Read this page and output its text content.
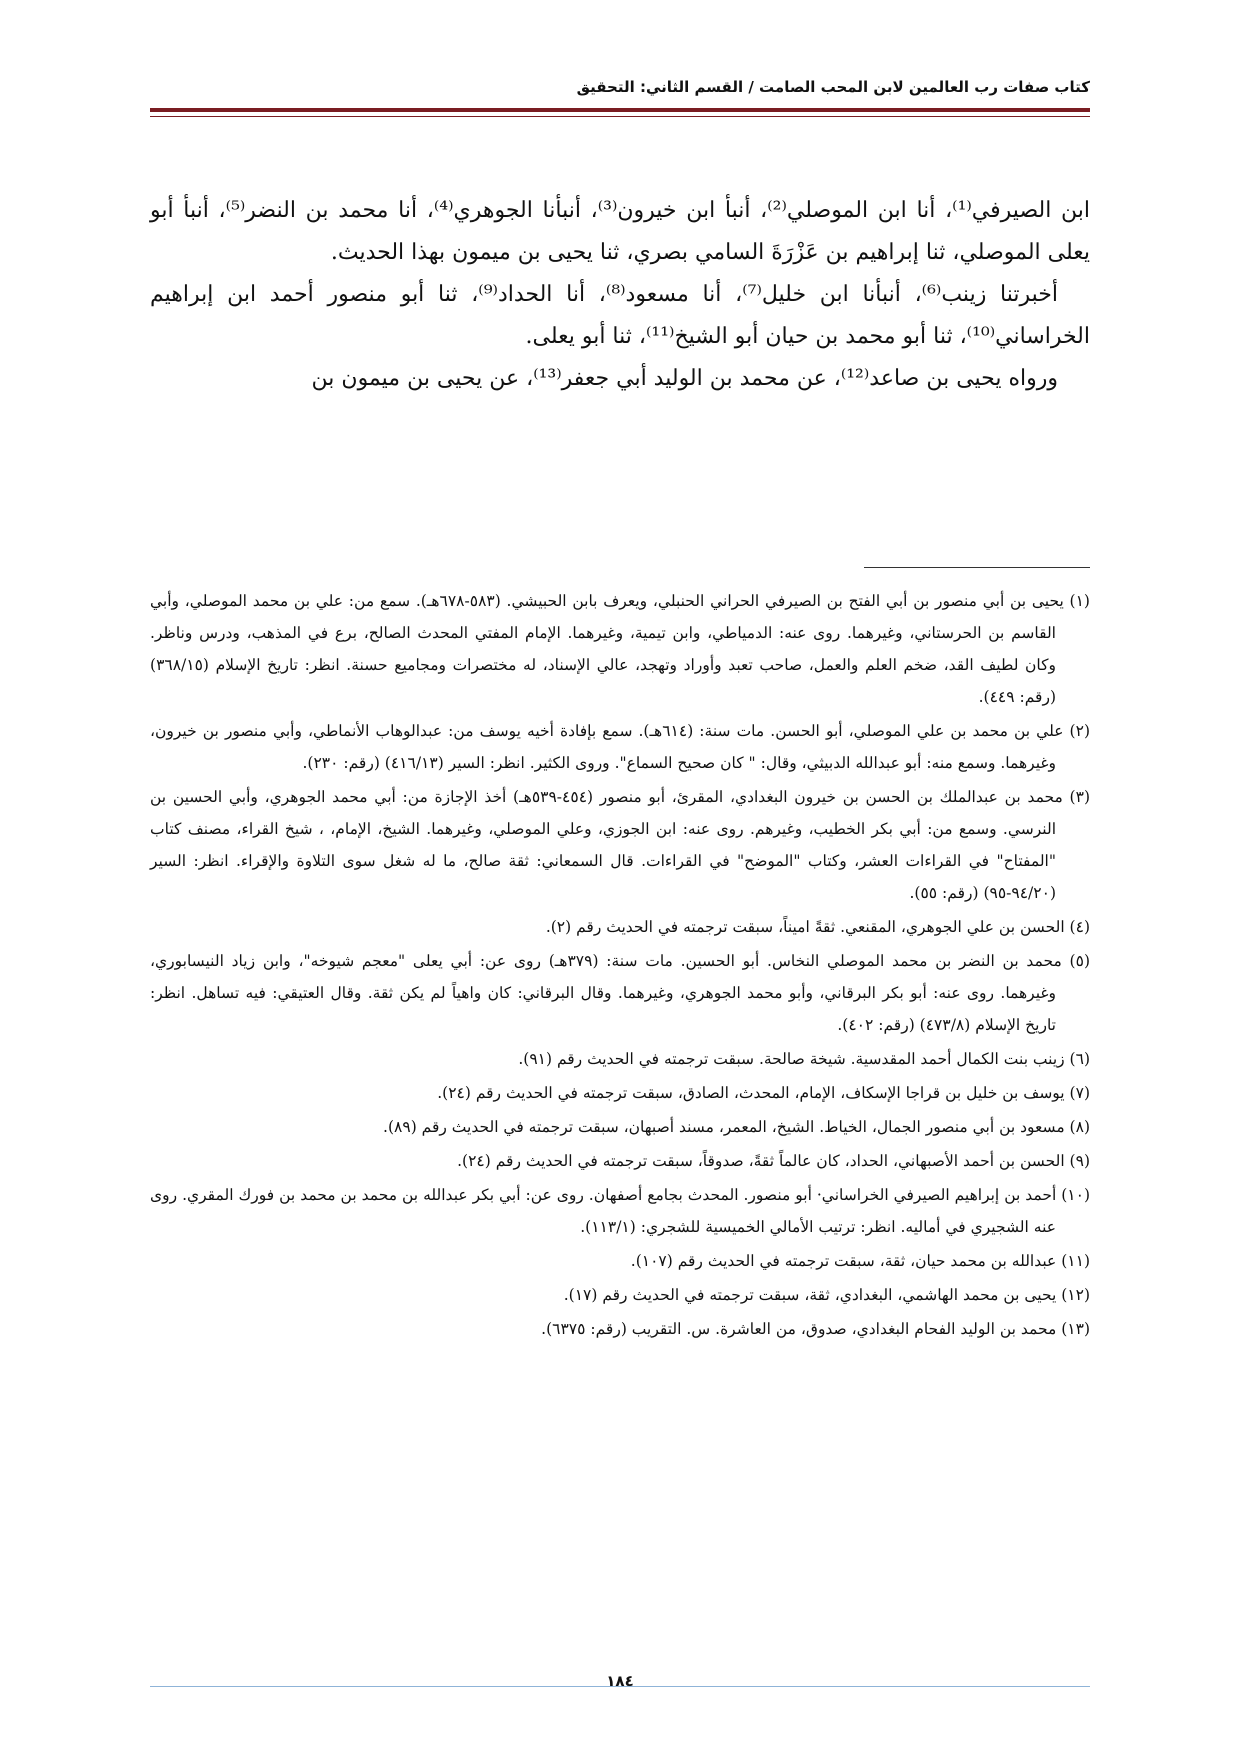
كتاب صفات رب العالمين لابن المحب الصامت / القسم الثاني: التحقيق

ابن الصيرفي⁽¹⁾، أنا ابن الموصلي⁽²⁾، أنبأ ابن خيرون⁽³⁾، أنبأنا الجوهري⁽⁴⁾، أنا محمد بن النضر⁽⁵⁾، أنبأ أبو يعلى الموصلي، ثنا إبراهيم بن عَزْرَةَ السامي بصري، ثنا يحيى بن ميمون بهذا الحديث.

أخبرتنا زينب⁽⁶⁾، أنبأنا ابن خليل⁽⁷⁾، أنا مسعود⁽⁸⁾، أنا الحداد⁽⁹⁾، ثنا أبو منصور أحمد ابن إبراهيم الخراساني⁽¹⁰⁾، ثنا أبو محمد بن حيان أبو الشيخ⁽¹¹⁾، ثنا أبو يعلى.

ورواه يحيى بن صاعد⁽¹²⁾، عن محمد بن الوليد أبي جعفر⁽¹³⁾، عن يحيى بن ميمون بن

(١) يحيى بن أبي منصور بن أبي الفتح بن الصيرفي الحراني الحنبلي، ويعرف بابن الحبيشي. (٥٨٣-٦٧٨هـ). سمع من: علي بن محمد الموصلي، وأبي القاسم بن الحرستاني، وغيرهما. روى عنه: الدمياطي، وابن تيمية، وغيرهما. الإمام المفتي المحدث الصالح، برع في المذهب، ودرس وناظر. وكان لطيف القد، ضخم العلم والعمل، صاحب تعبد وأوراد وتهجد، عالي الإسناد، له مختصرات ومجاميع حسنة. انظر: تاريخ الإسلام (٣٦٨/١٥) (رقم: ٤٤٩).

(٢) علي بن محمد بن علي الموصلي، أبو الحسن. مات سنة: (٦١٤هـ). سمع بإفادة أخيه يوسف من: عبدالوهاب الأنماطي، وأبي منصور بن خيرون، وغيرهما. وسمع منه: أبو عبدالله الدبيثي، وقال: " كان صحيح السماع". وروى الكثير. انظر: السير (٤١٦/١٣) (رقم: ٢٣٠).

(٣) محمد بن عبدالملك بن الحسن بن خيرون البغدادي، المقرئ، أبو منصور (٤٥٤-٥٣٩هـ) أخذ الإجازة من: أبي محمد الجوهري، وأبي الحسين بن النرسي. وسمع من: أبي بكر الخطيب، وغيرهم. روى عنه: ابن الجوزي، وعلي الموصلي، وغيرهما. الشيخ، الإمام، ، شيخ القراء، مصنف كتاب "المفتاح" في القراءات العشر، وكتاب "الموضح" في القراءات. قال السمعاني: ثقة صالح، ما له شغل سوى التلاوة والإقراء. انظر: السير (٩٤/٢٠-٩٥) (رقم: ٥٥).

(٤) الحسن بن علي الجوهري، المقنعي. ثقةً اميناً، سبقت ترجمته في الحديث رقم (٢).

(٥) محمد بن النضر بن محمد الموصلي النخاس. أبو الحسين. مات سنة: (٣٧٩هـ) روى عن: أبي يعلى "معجم شيوخه"، وابن زياد النيسابوري، وغيرهما. روى عنه: أبو بكر البرقاني، وأبو محمد الجوهري، وغيرهما. وقال البرقاني: كان واهياً لم يكن ثقة. وقال العتيقي: فيه تساهل. انظر: تاريخ الإسلام (٤٧٣/٨) (رقم: ٤٠٢).

(٦) زينب بنت الكمال أحمد المقدسية. شيخة صالحة. سبقت ترجمته في الحديث رقم (٩١).

(٧) يوسف بن خليل بن قراجا الإسكاف، الإمام، المحدث، الصادق، سبقت ترجمته في الحديث رقم (٢٤).

(٨) مسعود بن أبي منصور الجمال، الخياط. الشيخ، المعمر، مسند أصبهان، سبقت ترجمته في الحديث رقم (٨٩).

(٩) الحسن بن أحمد الأصبهاني، الحداد، كان عالماً ثقةً، صدوقاً، سبقت ترجمته في الحديث رقم (٢٤).

(١٠) أحمد بن إبراهيم الصيرفي الخراساني· أبو منصور. المحدث بجامع أصفهان. روى عن: أبي بكر عبدالله بن محمد بن محمد بن فورك المقري. روى عنه الشجيري في أماليه. انظر: ترتيب الأمالي الخميسية للشجري: (١١٣/١).

(١١) عبدالله بن محمد حيان، ثقة، سبقت ترجمته في الحديث رقم (١٠٧).

(١٢) يحيى بن محمد الهاشمي، البغدادي، ثقة، سبقت ترجمته في الحديث رقم (١٧).

(١٣) محمد بن الوليد الفحام البغدادي، صدوق، من العاشرة. س. التقريب (رقم: ٦٣٧٥).

١٨٤
